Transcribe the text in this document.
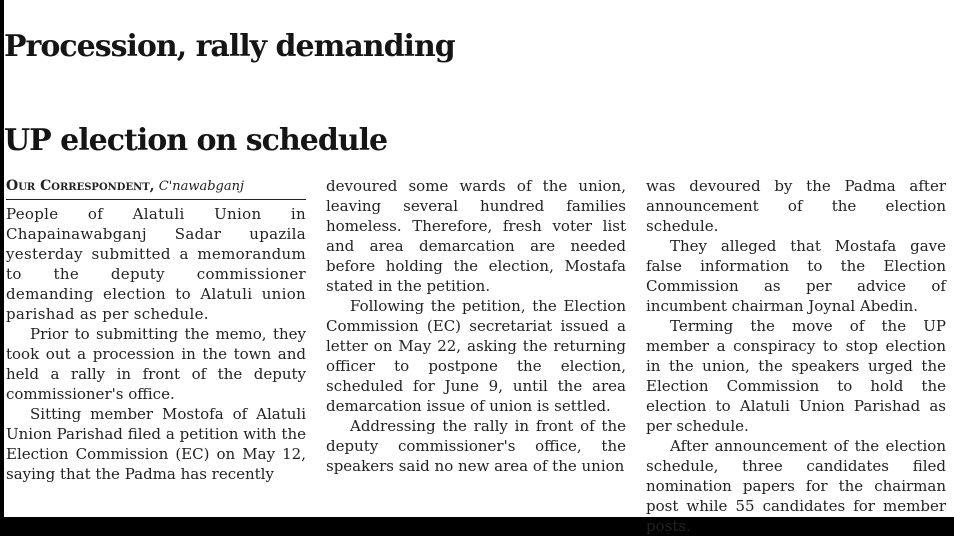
Procession, rally demanding
UP election on schedule
Our Correspondent, C'nawabganj

People of Alatuli Union in Chapainawabganj Sadar upazila yesterday submitted a memorandum to the deputy commissioner demanding election to Alatuli union parishad as per schedule.

Prior to submitting the memo, they took out a procession in the town and held a rally in front of the deputy commissioner's office.

Sitting member Mostofa of Alatuli Union Parishad filed a petition with the Election Commission (EC) on May 12, saying that the Padma has recently

devoured some wards of the union, leaving several hundred families homeless. Therefore, fresh voter list and area demarcation are needed before holding the election, Mostafa stated in the petition.

Following the petition, the Election Commission (EC) secretariat issued a letter on May 22, asking the returning officer to postpone the election, scheduled for June 9, until the area demarcation issue of union is settled.

Addressing the rally in front of the deputy commissioner's office, the speakers said no new area of the union

was devoured by the Padma after announcement of the election schedule.

They alleged that Mostafa gave false information to the Election Commission as per advice of incumbent chairman Joynal Abedin.

Terming the move of the UP member a conspiracy to stop election in the union, the speakers urged the Election Commission to hold the election to Alatuli Union Parishad as per schedule.

After announcement of the election schedule, three candidates filed nomination papers for the chairman post while 55 candidates for member posts.
